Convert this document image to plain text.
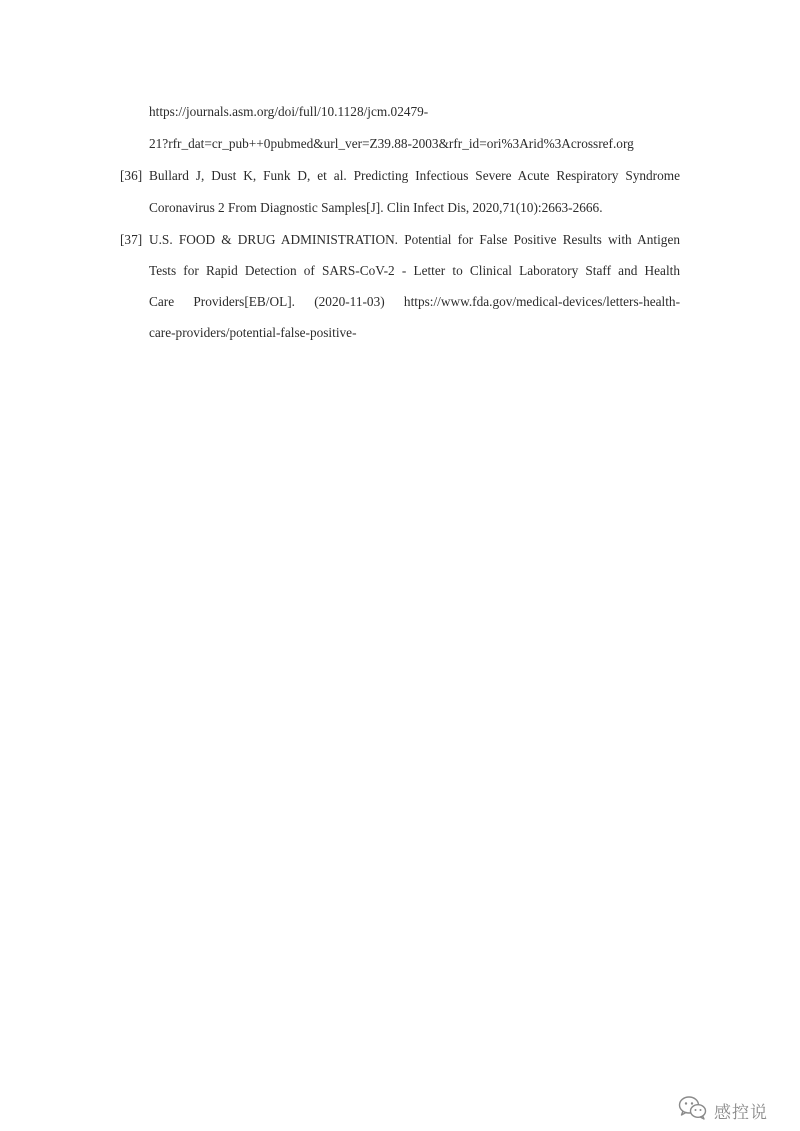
https://journals.asm.org/doi/full/10.1128/jcm.02479-
21?rfr_dat=cr_pub++0pubmed&url_ver=Z39.88-2003&rfr_id=ori%3Arid%3Acrossref.org
[36] Bullard J, Dust K, Funk D, et al. Predicting Infectious Severe Acute Respiratory Syndrome
Coronavirus 2 From Diagnostic Samples[J]. Clin Infect Dis, 2020,71(10):2663-2666.
[37] U.S. FOOD & DRUG ADMINISTRATION. Potential for False Positive Results with Antigen
Tests for Rapid Detection of SARS-CoV-2 - Letter to Clinical Laboratory Staff and Health
Care Providers[EB/OL]. (2020-11-03) https://www.fda.gov/medical-devices/letters-health-
care-providers/potential-false-positive-
感控说
